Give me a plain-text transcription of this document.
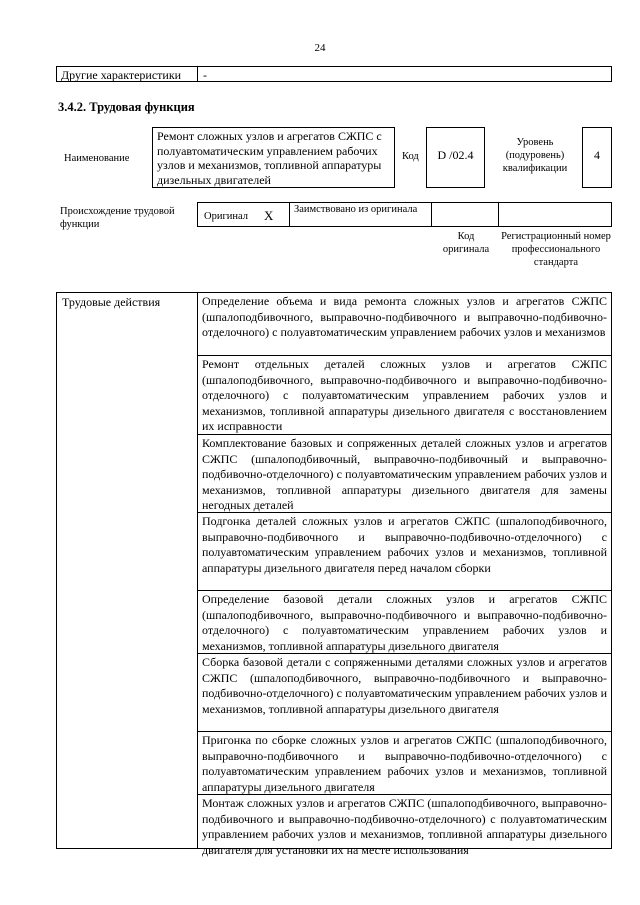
24
Другие характеристики -
3.4.2. Трудовая функция
Наименование
Ремонт сложных узлов и агрегатов СЖПС с полуавтоматическим управлением рабочих узлов и механизмов, топливной аппаратуры дизельных двигателей
Код	D /02.4
Уровень (подуровень) квалификации
4
Происхождение трудовой функции
Оригинал X Заимствовано из оригинала
Код оригинала
Регистрационный номер профессионального стандарта
Трудовые действия	Определение объема и вида ремонта сложных узлов и агрегатов СЖПС (шпалоподбивочного, выправочно-подбивочного и выправочно-подбивочно-отделочного) с полуавтоматическим управлением рабочих узлов и механизмов
Ремонт отдельных деталей сложных узлов и агрегатов СЖПС (шпалоподбивочного, выправочно-подбивочного и выправочно-подбивочно-отделочного) с полуавтоматическим управлением рабочих узлов и механизмов, топливной аппаратуры дизельного двигателя с восстановлением их исправности
Комплектование базовых и сопряженных деталей сложных узлов и агрегатов СЖПС (шпалоподбивочный, выправочно-подбивочный и выправочно-подбивочно-отделочного) с полуавтоматическим управлением рабочих узлов и механизмов, топливной аппаратуры дизельного двигателя для замены негодных деталей
Подгонка деталей сложных узлов и агрегатов СЖПС (шпалоподбивочного, выправочно-подбивочного и выправочно-подбивочно-отделочного) с полуавтоматическим управлением рабочих узлов и механизмов, топливной аппаратуры дизельного двигателя перед началом сборки
Определение базовой детали сложных узлов и агрегатов СЖПС (шпалоподбивочного, выправочно-подбивочного и выправочно-подбивочно-отделочного) с полуавтоматическим управлением рабочих узлов и механизмов, топливной аппаратуры дизельного двигателя
Сборка базовой детали с сопряженными деталями сложных узлов и агрегатов СЖПС (шпалоподбивочного, выправочно-подбивочного и выправочно-подбивочно-отделочного) с полуавтоматическим управлением рабочих узлов и механизмов, топливной аппаратуры дизельного двигателя
Пригонка по сборке сложных узлов и агрегатов СЖПС (шпалоподбивочного, выправочно-подбивочного и выправочно-подбивочно-отделочного) с полуавтоматическим управлением рабочих узлов и механизмов, топливной аппаратуры дизельного двигателя
Монтаж сложных узлов и агрегатов СЖПС (шпалоподбивочного, выправочно-подбивочного и выправочно-подбивочно-отделочного) с полуавтоматическим управлением рабочих узлов и механизмов, топливной аппаратуры дизельного двигателя для установки их на месте использования
